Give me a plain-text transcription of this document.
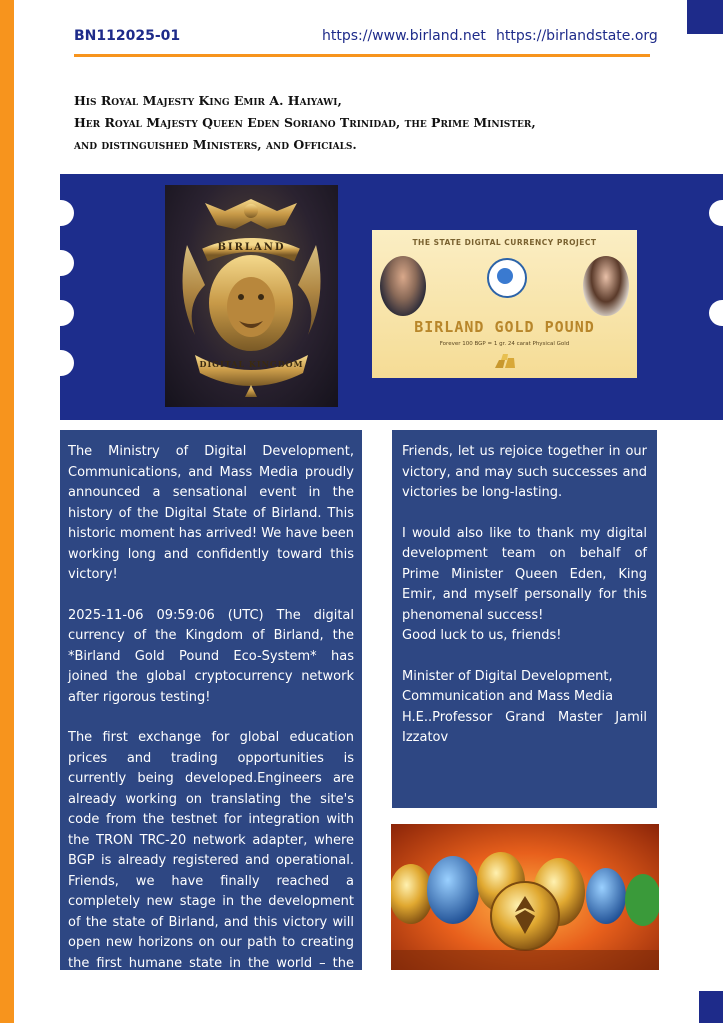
BN112025-01	https://www.birland.net https://birlandstate.org
His Royal Majesty King Emir A. Haiyawi,
Her Royal Majesty Queen Eden Soriano Trinidad, the Prime Minister,
and distinguished Ministers, and Officials.
BIRLAND
DIGITAL KINGDOM
THE STATE DIGITAL CURRENCY PROJECT
BIRLAND GOLD POUND
Forever 100 BGP = 1 gr. 24 carat Physical Gold

The Ministry of Digital Development, Communications, and Mass Media proudly announced a sensational event in the history of the Digital State of Birland. This historic moment has arrived! We have been working long and confidently toward this victory!

2025-11-06 09:59:06 (UTC) The digital currency of the Kingdom of Birland, the *Birland Gold Pound Eco-System* has joined the global cryptocurrency network after rigorous testing!

The first exchange for global education prices and trading opportunities is currently being developed.Engineers are already working on translating the site's code from the testnet for integration with the TRON TRC-20 network adapter, where BGP is already registered and operational. Friends, we have finally reached a completely new stage in the development of the state of Birland, and this victory will open new horizons on our path to creating the first humane state in the world – the Kingdom of Birland.

Friends, let us rejoice together in our victory, and may such successes and victories be long-lasting.

I would also like to thank my digital development team on behalf of Prime Minister Queen Eden, King Emir, and myself personally for this phenomenal success!

Good luck to us, friends!

Minister of Digital Development, Communication and Mass Media

H.E..Professor Grand Master Jamil Izzatov
